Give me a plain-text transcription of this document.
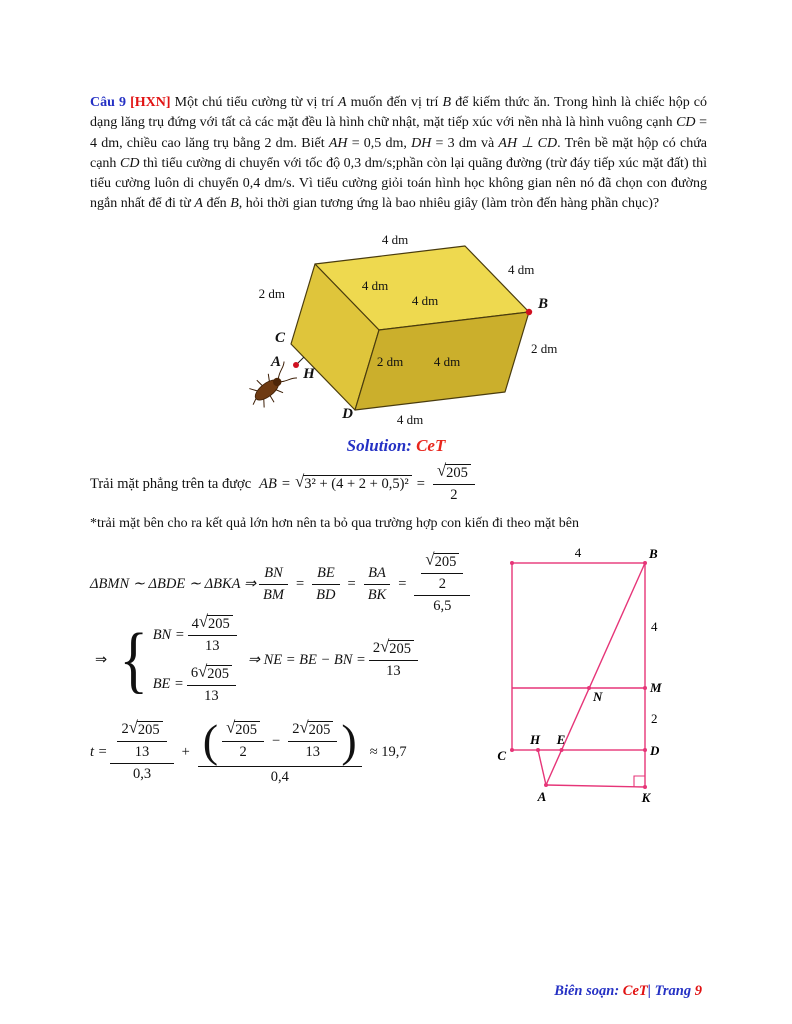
Câu 9 [HXN] Một chú tiểu cường từ vị trí A muốn đến vị trí B để kiếm thức ăn. Trong hình là chiếc hộp có dạng lăng trụ đứng với tất cả các mặt đều là hình chữ nhật, mặt tiếp xúc với nền nhà là hình vuông cạnh CD = 4 dm, chiều cao lăng trụ bằng 2 dm. Biết AH = 0,5 dm, DH = 3 dm và AH ⊥ CD. Trên bề mặt hộp có chứa cạnh CD thì tiểu cường di chuyển với tốc độ 0,3 dm/s;phần còn lại quãng đường (trừ đáy tiếp xúc mặt đất) thì tiểu cường luôn di chuyển 0,4 dm/s. Vì tiểu cường giỏi toán hình học không gian nên nó đã chọn con đường ngắn nhất để đi từ A đến B, hỏi thời gian tương ứng là bao nhiêu giây (làm tròn đến hàng phần chục)?

4 dm
4 dm
2 dm
4 dm
4 dm
2 dm
2 dm 4 dm
4 dm
B
C
A
H
D
Solution: CeT
Trải mặt phẳng trên ta được AB = √ $3^2 + (4 + 2 + 0,5)^2 = \frac{√ 205}{2}$

*trải mặt bên cho ra kết quả lớn hơn nên ta bỏ qua trường hợp con kiến đi theo mặt bên

ΔBMN ∼ ΔBDE ∼ ΔBKA ⇒ $\frac{BN}{BM} = \frac{BE}{BD} = \frac{BA}{BK} = \frac{\frac{√ 205}{2}}{6,5}$
⇒ { BN = $\frac{4 √ 205}{13}$
BE = $\frac{6 √ 205}{13}$
⇒ NE = BE − BN = $\frac{2 √ 205}{13}$
$t = \frac{\frac{2 √ 205}{13}}{0,3} + \frac{( \frac{√ 205}{2} - \frac{2 √ 205}{13} )}{0,4} \approx 19,7$
4
4
2
B
M
N
D
H E
C
A	K
Biên soạn: CeT| Trang 9
